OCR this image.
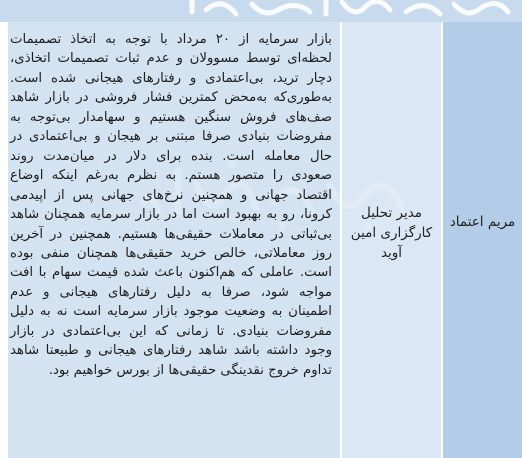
مریم اعتماد
مدیر تحلیل کارگزاری امین آوید

بازار سرمایه از ۲۰ مرداد با توجه به اتخاذ تصمیمات لحظه‌ای توسط مسوولان و عدم ثبات تصمیمات اتخاذی، دچار ترید، بی‌اعتمادی و رفتارهای هیجانی شده است. به‌طوری‌که به‌محض کمترین فشار فروشی در بازار شاهد صف‌های فروش سنگین هستیم و سهامدار بی‌توجه به مفروضات بنیادی صرفا مبتنی بر هیجان و بی‌اعتمادی در حال معامله است. بنده برای دلار در میان‌مدت روند صعودی را متصور هستم. به نظرم به‌رغم اینکه اوضاع اقتصاد جهانی و همچنین نرخ‌های جهانی پس از اپیدمی کرونا، رو به بهبود است اما در بازار سرمایه همچنان شاهد بی‌ثباتی در معاملات حقیقی‌ها هستیم. همچنین در آخرین روز معاملاتی، خالص خرید حقیقی‌ها همچنان منفی بوده است. عاملی که هم‌اکنون باعث شده قیمت سهام با افت مواجه شود، صرفا به دلیل رفتارهای هیجانی و عدم اطمینان به وضعیت موجود بازار سرمایه است نه به دلیل مفروضات بنیادی. تا زمانی که این بی‌اعتمادی در بازار وجود داشته باشد شاهد رفتارهای هیجانی و طبیعتا شاهد تداوم خروج نقدینگی حقیقی‌ها از بورس خواهیم بود.
